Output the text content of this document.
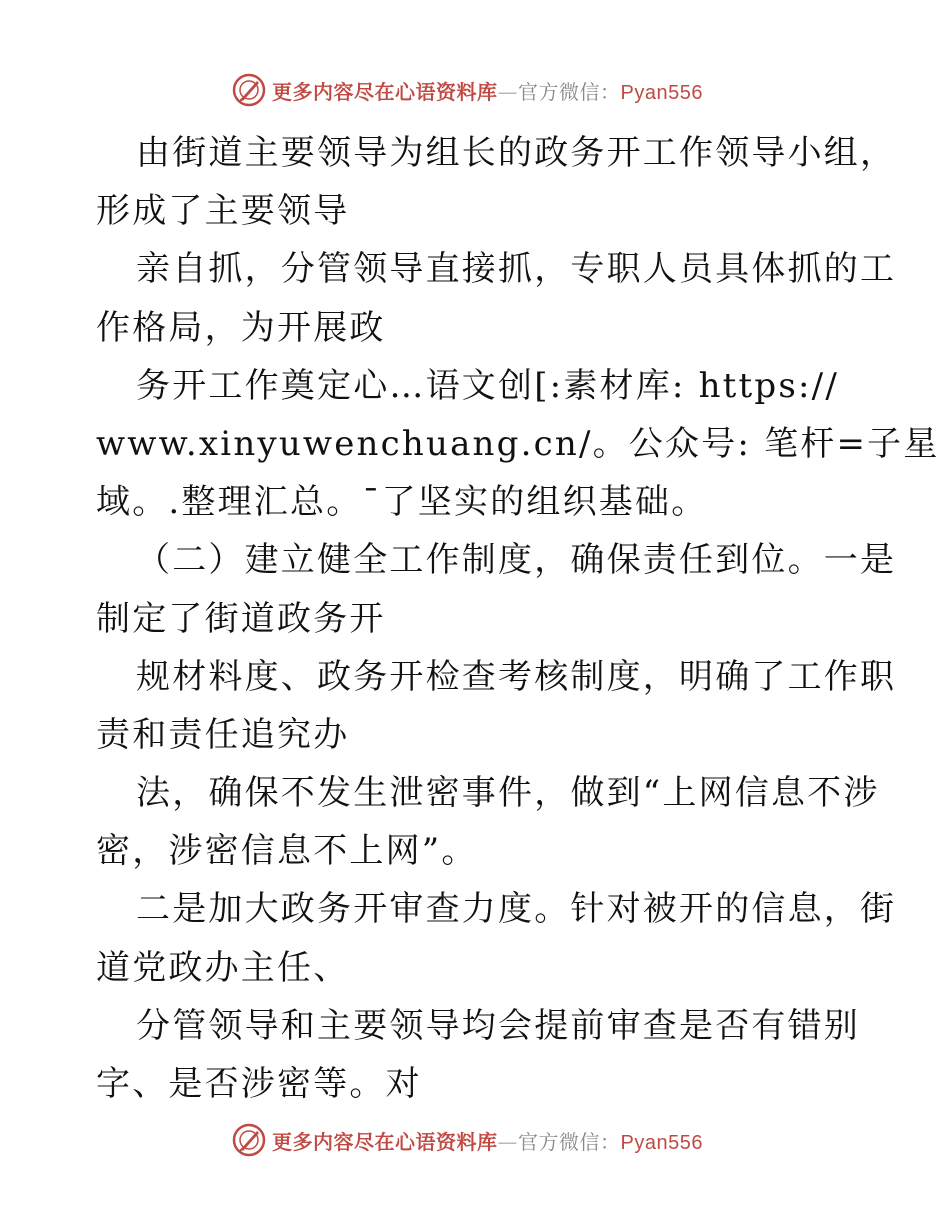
更多内容尽在心语资料库—官方微信：Pyan556
由街道主要领导为组长的政务开工作领导小组，
形成了主要领导
亲自抓，分管领导直接抓，专职人员具体抓的工
作格局，为开展政
务开工作奠定心…语文创[:素材库: https://
www.xinyuwenchuang.cn/。公众号: 笔杆=子星
域。.整理汇总。¯了坚实的组织基础。
（二）建立健全工作制度，确保责任到位。一是
制定了街道政务开
规材料度、政务开检查考核制度，明确了工作职
责和责任追究办
法，确保不发生泄密事件，做到“上网信息不涉
密，涉密信息不上网”。
二是加大政务开审查力度。针对被开的信息，街
道党政办主任、
分管领导和主要领导均会提前审查是否有错别
字、是否涉密等。对
更多内容尽在心语资料库—官方微信：Pyan556
